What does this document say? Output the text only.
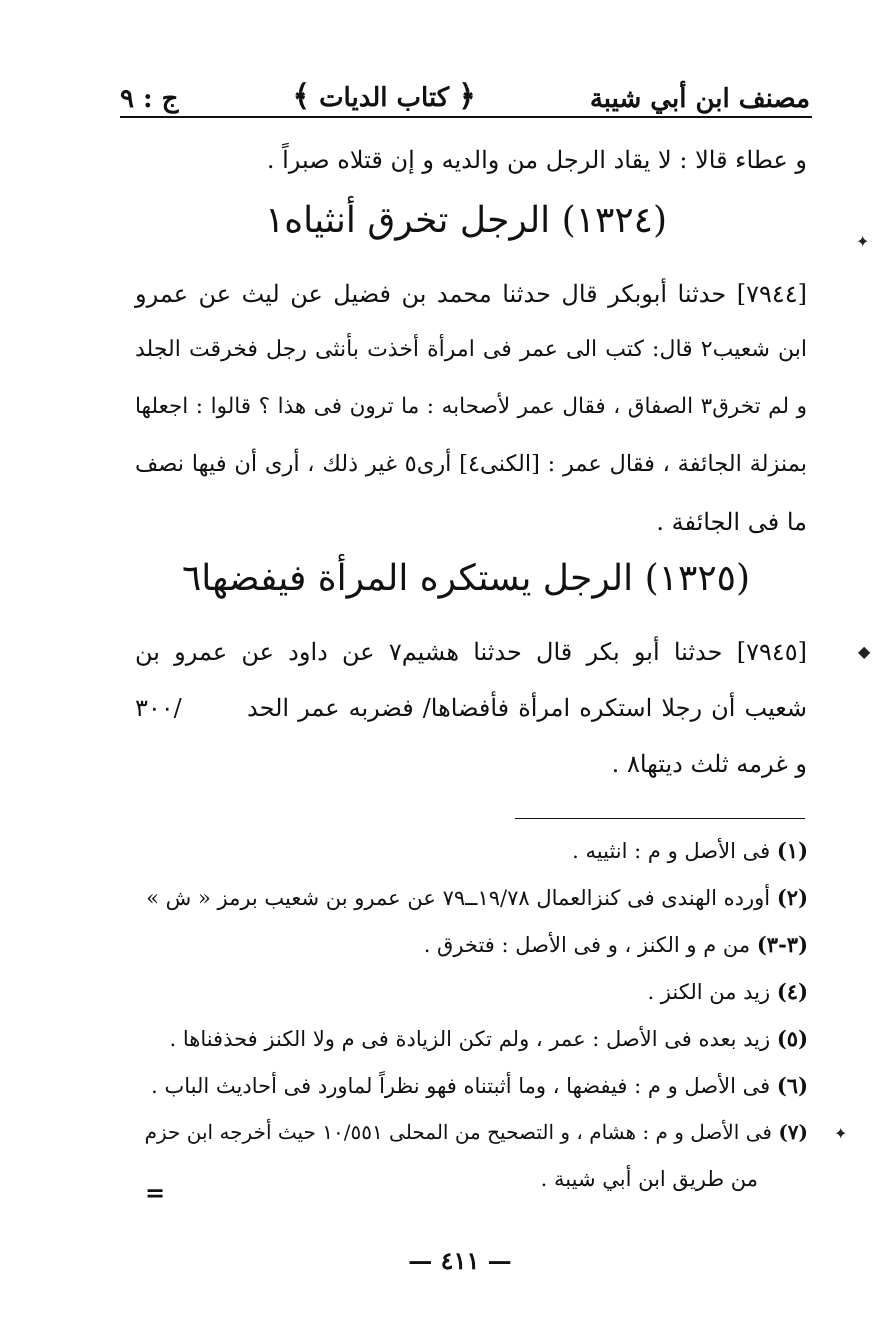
مصنف ابن أبي شيبة
﴿ كتاب الديات ﴾
ج : ٩
و عطاء قالا : لا يقاد الرجل من والديه و إن قتلاه صبراً .
(١٣٢٤) الرجل تخرق أنثياه١
[٧٩٤٤] حدثنا أبوبكر قال حدثنا محمد بن فضيل عن ليث عن عمرو
ابن شعيب٢ قال: كتب الى عمر فى امرأة أخذت بأنثى رجل فخرقت الجلد
و لم تخرق٣ الصفاق ، فقال عمر لأصحابه : ما ترون فى هذا ؟ قالوا : اجعلها
بمنزلة الجائفة ، فقال عمر : [الكنى٤] أرى٥ غير ذلك ، أرى أن فيها نصف
ما فى الجائفة .
(١٣٢٥) الرجل يستكره المرأة فيفضها٦
[٧٩٤٥] حدثنا أبو بكر قال حدثنا هشيم٧ عن داود عن عمرو بن
شعيب أن رجلا استكره امرأة فأفضاها/ فضربه عمر الحد
/٣٠٠
و غرمه ثلث ديتها٨ .
(١) فى الأصل و م : انثييه .
(٢) أورده الهندى فى كنزالعمال ١٩/٧٨ــ٧٩ عن عمرو بن شعيب برمز « ش »
(٣-٣) من م و الكنز ، و فى الأصل : فتخرق .
(٤) زيد من الكنز .
(٥) زيد بعده فى الأصل : عمر ، ولم تكن الزيادة فى م ولا الكنز فحذفناها .
(٦) فى الأصل و م : فيفضها ، وما أثبتناه فهو نظراً لماورد فى أحاديث الباب .
(٧) فى الأصل و م : هشام ، و التصحيح من المحلى ١٠/٥٥١ حيث أخرجه ابن حزم
من طريق ابن أبي شيبة .
=
— ٤١١ —
✦
◆
✦
